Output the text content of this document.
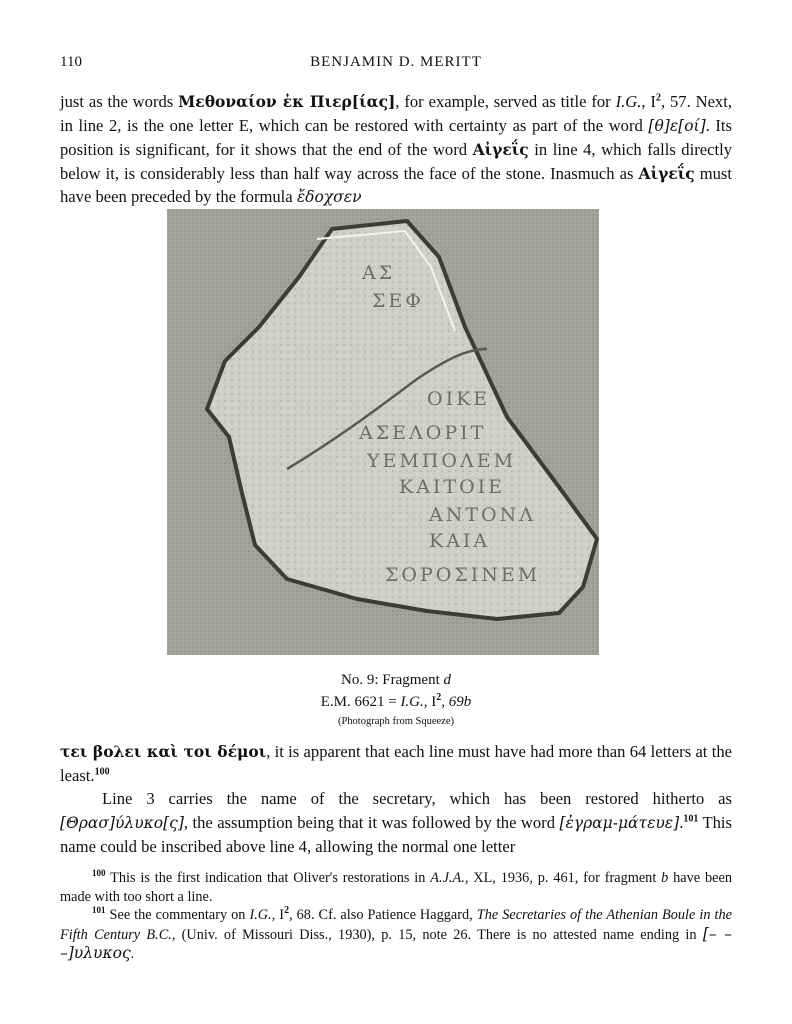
110	BENJAMIN D. MERITT

just as the words Μεθοναίον ἐκ Πιερ[ίας], for example, served as title for I.G., $I^2$, 57. Next, in line 2, is the one letter E, which can be restored with certainty as part of the word [θ]ε[οί]. Its position is significant, for it shows that the end of the word Αἰγεΐς in line 4, which falls directly below it, is considerably less than half way across the face of the stone. Inasmuch as Αἰγεΐς must have been preceded by the formula ἔδοχσεν

ΑΣ
ΣΕΦ
ΟΙΚΕ
ΑΣΕΛΟΡΙΤ
ΥΕΜΠΟΛΕΜ
ΚΑΙΤΟΙΕ
ΑΝΤΟΝΛ
ΚΑΙΑ
ΣΟΡΟΣΙΝΕΜ
No. 9: Fragment d
E.M. 6621 = I.G., $I^2$, 69b
(Photograph from Squeeze)

τει βολει καὶ τοι δέμοι, it is apparent that each line must have had more than 64 letters at the least.$^{100}$

Line 3 carries the name of the secretary, which has been restored hitherto as [Θρασ]ύλυκο[ς], the assumption being that it was followed by the word [ἐγραμ-μάτευε].$^{101}$ This name could be inscribed above line 4, allowing the normal one letter

$^{100}$ This is the first indication that Oliver's restorations in A.J.A., XL, 1936, p. 461, for fragment b have been made with too short a line.

$^{101}$ See the commentary on I.G., $I^2$, 68. Cf. also Patience Haggard, The Secretaries of the Athenian Boule in the Fifth Century B.C., (Univ. of Missouri Diss., 1930), p. 15, note 26. There is no attested name ending in [– – –]υλυκος.
